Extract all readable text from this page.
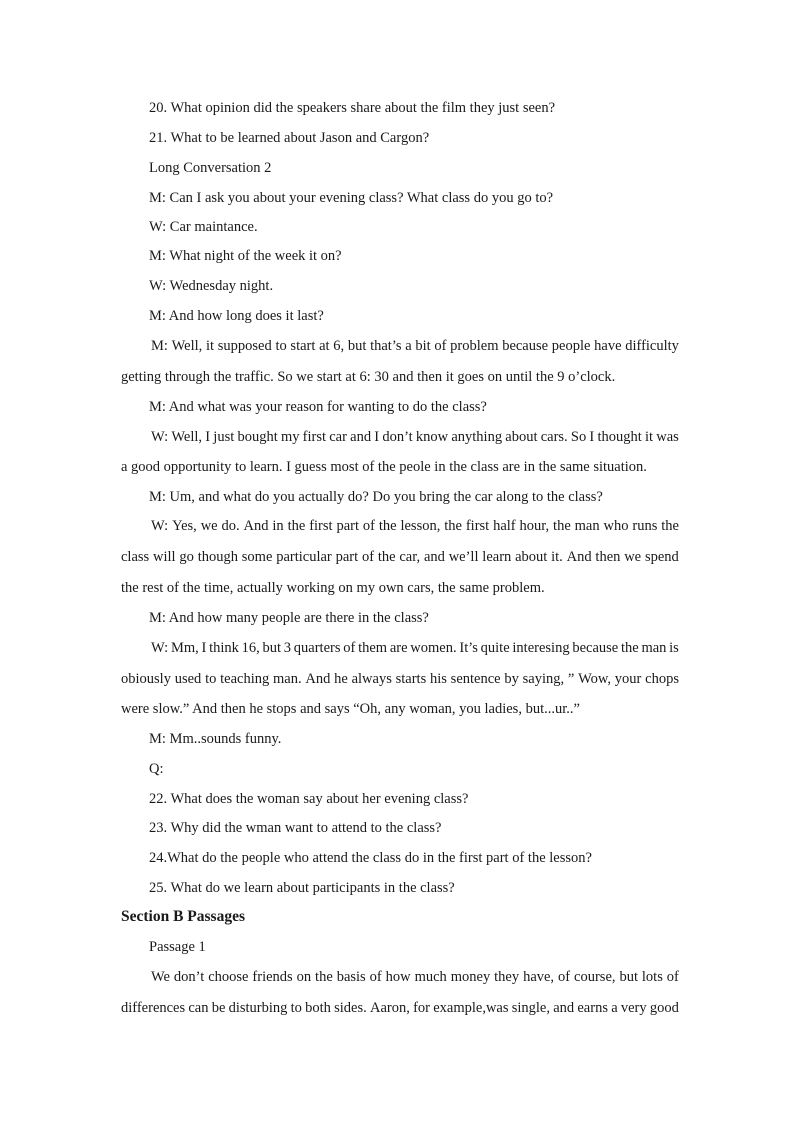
20. What opinion did the speakers share about the film they just seen?
21. What to be learned about Jason and Cargon?
Long Conversation 2
M: Can I ask you about your evening class? What class do you go to?
W: Car maintance.
M: What night of the week it on?
W: Wednesday night.
M: And how long does it last?
M: Well, it supposed to start at 6, but that’s a bit of problem because people have difficulty
getting through the traffic. So we start at 6: 30 and then it goes on until the 9 o’clock.
M: And what was your reason for wanting to do the class?
W: Well, I just bought my first car and I don’t know anything about cars. So I thought it was
a good opportunity to learn. I guess most of the peole in the class are in the same situation.
M: Um, and what do you actually do? Do you bring the car along to the class?
W: Yes, we do. And in the first part of the lesson, the first half hour, the man who runs the
class will go though some particular part of the car, and we’ll learn about it. And then we spend
the rest of the time, actually working on my own cars, the same problem.
M: And how many people are there in the class?
W: Mm, I think 16, but 3 quarters of them are women. It’s quite interesing because the man is
obiously used to teaching man. And he always starts his sentence by saying, ” Wow, your chops
were slow.” And then he stops and says “Oh, any woman, you ladies, but...ur..”
M: Mm..sounds funny.
Q:
22. What does the woman say about her evening class?
23. Why did the wman want to attend to the class?
24.What do the people who attend the class do in the first part of the lesson?
25. What do we learn about participants in the class?
Section B Passages
Passage 1
We don’t choose friends on the basis of how much money they have, of course, but lots of
differences can be disturbing to both sides. Aaron, for example,was single, and earns a very good
